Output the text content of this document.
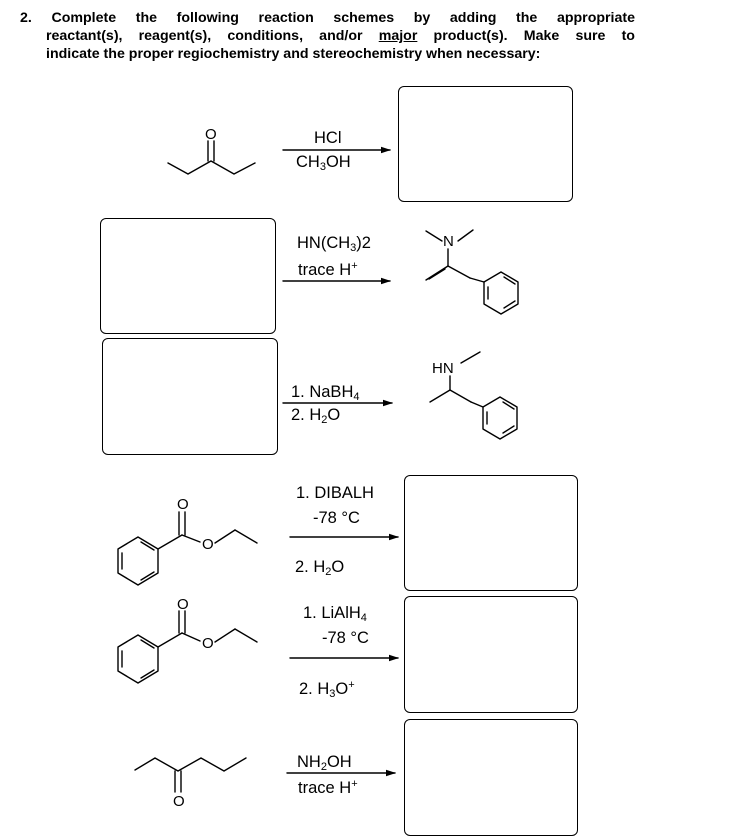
2. Complete the following reaction schemes by adding the appropriate
reactant(s), reagent(s), conditions, and/or major product(s). Make sure to
indicate the proper regiochemistry and stereochemistry when necessary:
HCl
$CH_3OH$
$HN(CH_3)2$
trace H+
1. NaBH$_4$
2. $H_2O$
1. DIBALH
-78 °C
2. $H_2O$
1. LiAlH$_4$
-78 °C
2. $H_3O^+$
$NH_2OH$
trace H+
O
N
HN
O
O
O
O
O
